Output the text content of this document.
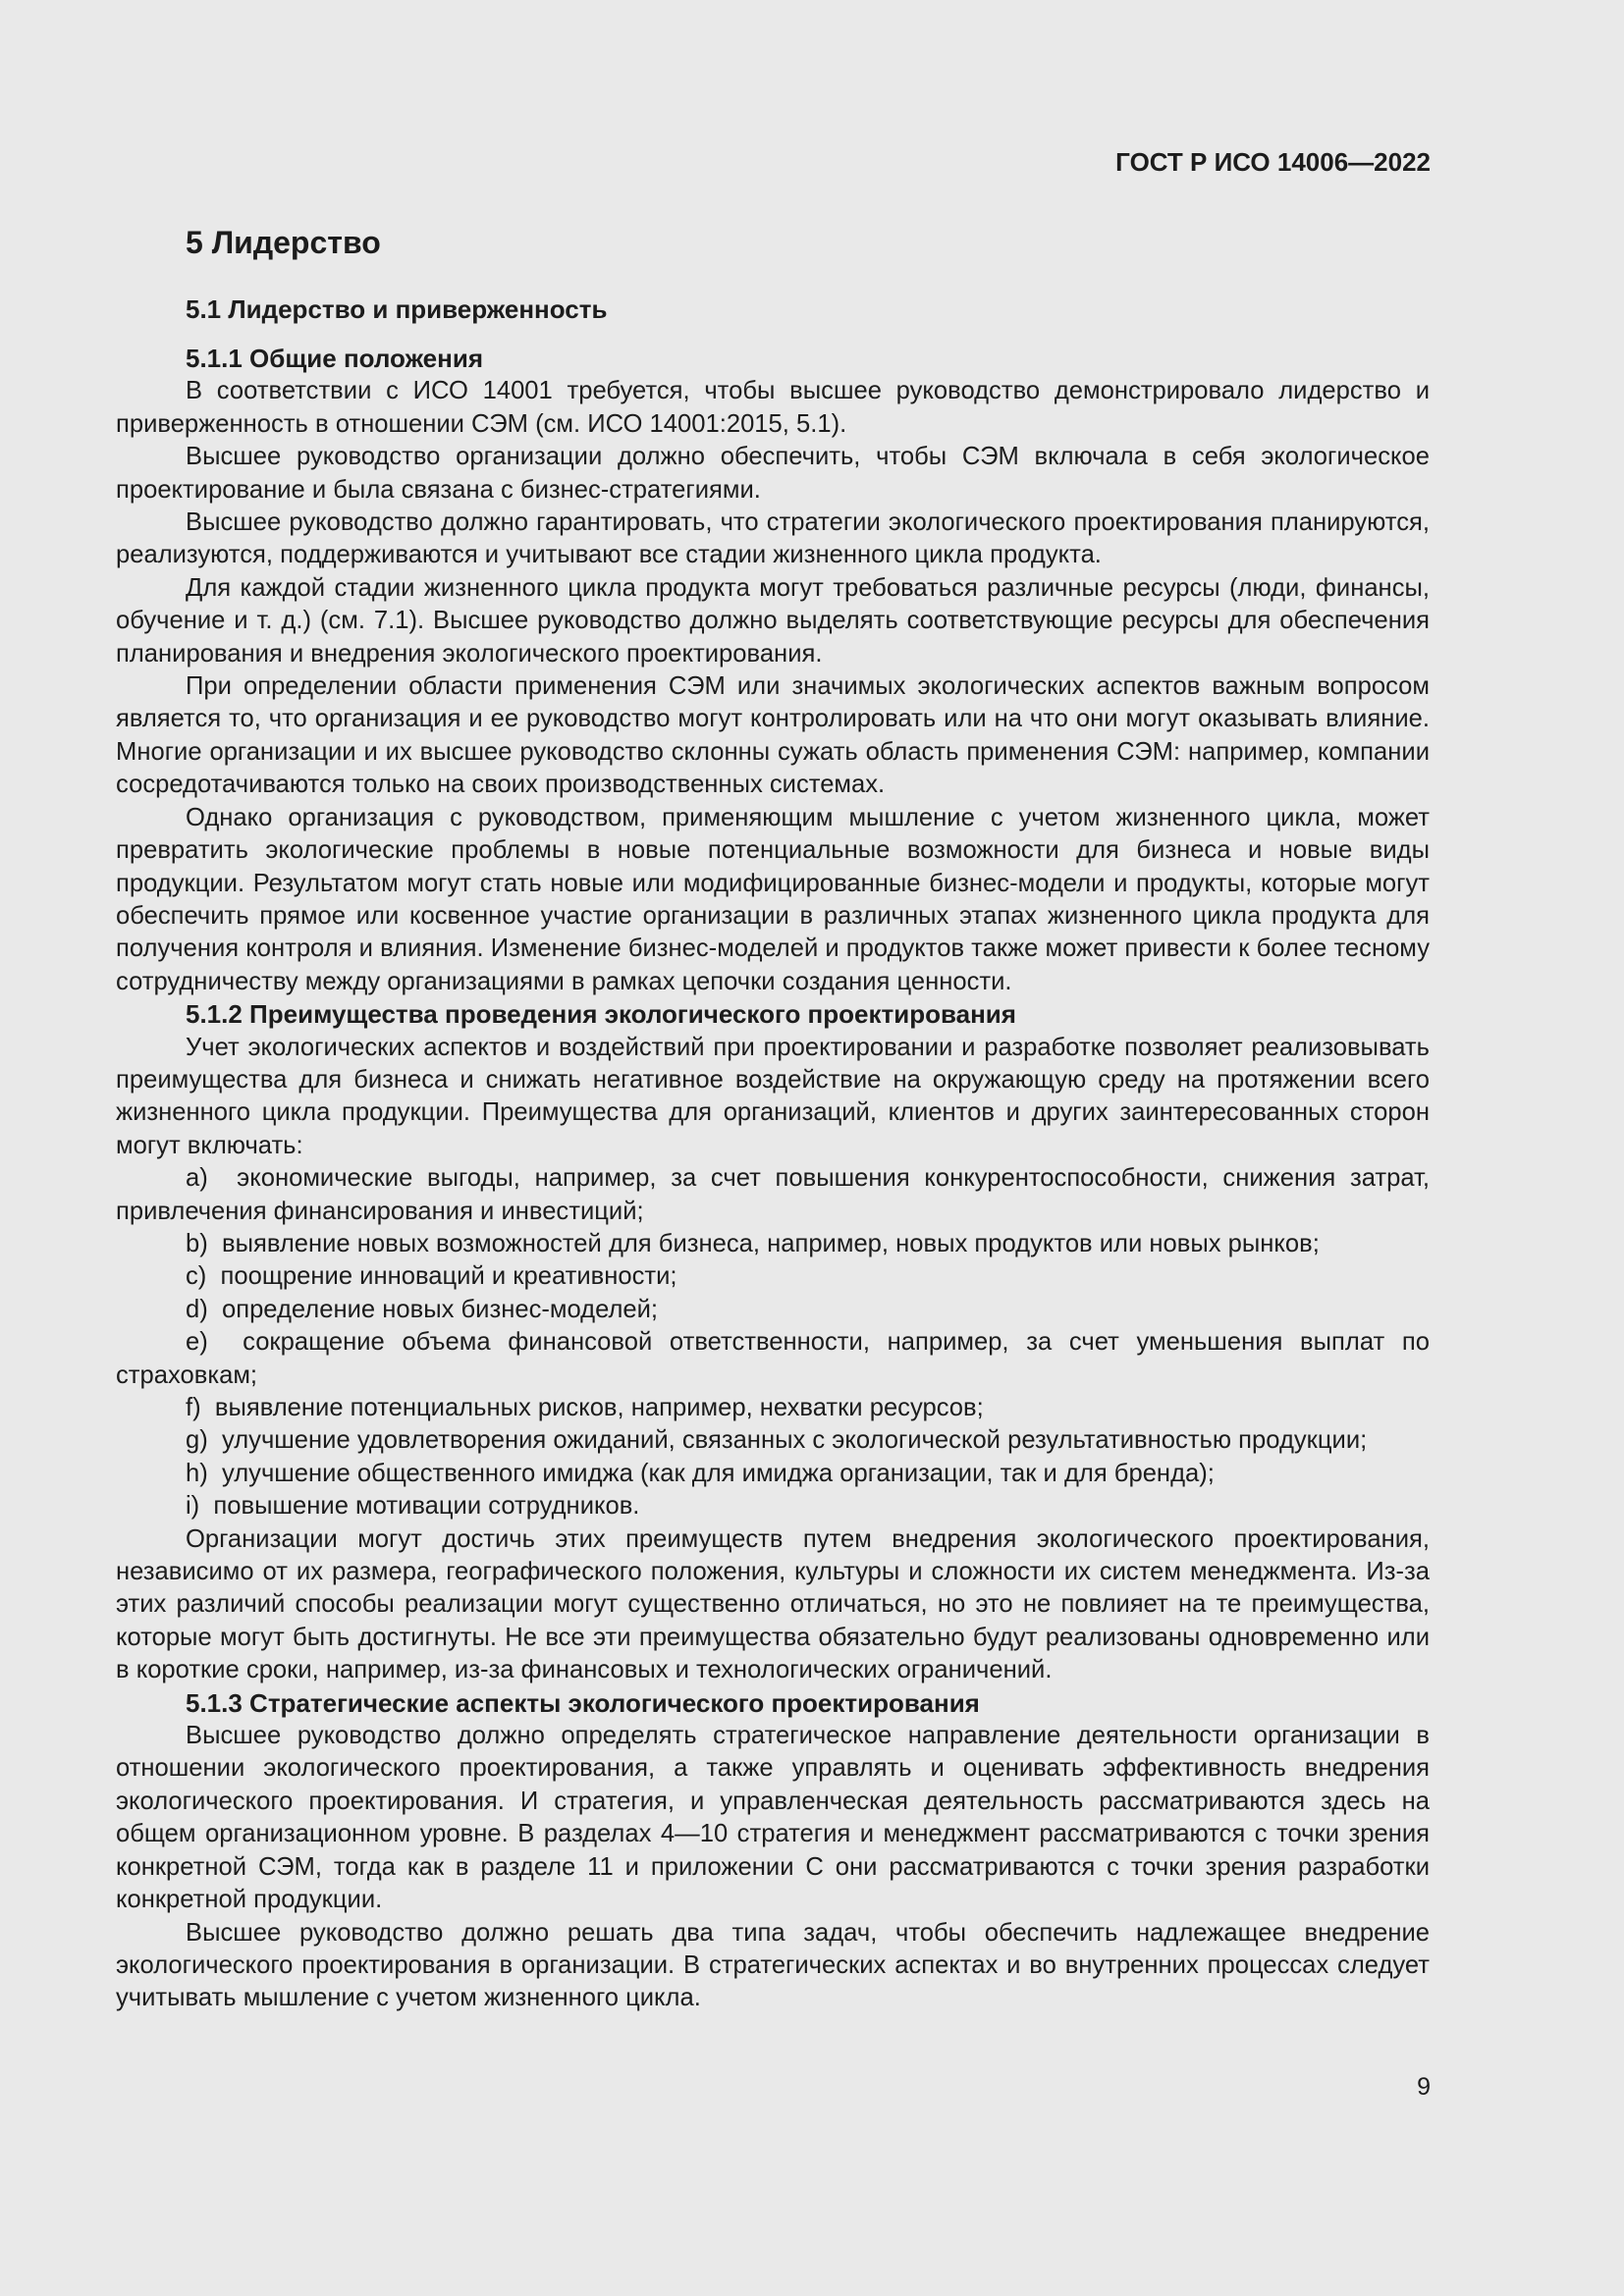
ГОСТ Р ИСО 14006—2022

5 Лидерство
5.1 Лидерство и приверженность
5.1.1 Общие положения

В соответствии с ИСО 14001 требуется, чтобы высшее руководство демонстрировало лидерство и приверженность в отношении СЭМ (см. ИСО 14001:2015, 5.1).

Высшее руководство организации должно обеспечить, чтобы СЭМ включала в себя экологическое проектирование и была связана с бизнес-стратегиями.

Высшее руководство должно гарантировать, что стратегии экологического проектирования планируются, реализуются, поддерживаются и учитывают все стадии жизненного цикла продукта.

Для каждой стадии жизненного цикла продукта могут требоваться различные ресурсы (люди, финансы, обучение и т. д.) (см. 7.1). Высшее руководство должно выделять соответствующие ресурсы для обеспечения планирования и внедрения экологического проектирования.

При определении области применения СЭМ или значимых экологических аспектов важным вопросом является то, что организация и ее руководство могут контролировать или на что они могут оказывать влияние. Многие организации и их высшее руководство склонны сужать область применения СЭМ: например, компании сосредотачиваются только на своих производственных системах.

Однако организация с руководством, применяющим мышление с учетом жизненного цикла, может превратить экологические проблемы в новые потенциальные возможности для бизнеса и новые виды продукции. Результатом могут стать новые или модифицированные бизнес-модели и продукты, которые могут обеспечить прямое или косвенное участие организации в различных этапах жизненного цикла продукта для получения контроля и влияния. Изменение бизнес-моделей и продуктов также может привести к более тесному сотрудничеству между организациями в рамках цепочки создания ценности.

5.1.2 Преимущества проведения экологического проектирования

Учет экологических аспектов и воздействий при проектировании и разработке позволяет реализовывать преимущества для бизнеса и снижать негативное воздействие на окружающую среду на протяжении всего жизненного цикла продукции. Преимущества для организаций, клиентов и других заинтересованных сторон могут включать:

a)  экономические выгоды, например, за счет повышения конкурентоспособности, снижения затрат, привлечения финансирования и инвестиций;

b)  выявление новых возможностей для бизнеса, например, новых продуктов или новых рынков;

c)  поощрение инноваций и креативности;

d)  определение новых бизнес-моделей;

e)  сокращение объема финансовой ответственности, например, за счет уменьшения выплат по страховкам;

f)  выявление потенциальных рисков, например, нехватки ресурсов;

g)  улучшение удовлетворения ожиданий, связанных с экологической результативностью продукции;

h)  улучшение общественного имиджа (как для имиджа организации, так и для бренда);

i)  повышение мотивации сотрудников.

Организации могут достичь этих преимуществ путем внедрения экологического проектирования, независимо от их размера, географического положения, культуры и сложности их систем менеджмента. Из-за этих различий способы реализации могут существенно отличаться, но это не повлияет на те преимущества, которые могут быть достигнуты. Не все эти преимущества обязательно будут реализованы одновременно или в короткие сроки, например, из-за финансовых и технологических ограничений.

5.1.3 Стратегические аспекты экологического проектирования

Высшее руководство должно определять стратегическое направление деятельности организации в отношении экологического проектирования, а также управлять и оценивать эффективность внедрения экологического проектирования. И стратегия, и управленческая деятельность рассматриваются здесь на общем организационном уровне. В разделах 4—10 стратегия и менеджмент рассматриваются с точки зрения конкретной СЭМ, тогда как в разделе 11 и приложении C они рассматриваются с точки зрения разработки конкретной продукции.

Высшее руководство должно решать два типа задач, чтобы обеспечить надлежащее внедрение экологического проектирования в организации. В стратегических аспектах и во внутренних процессах следует учитывать мышление с учетом жизненного цикла.

9
